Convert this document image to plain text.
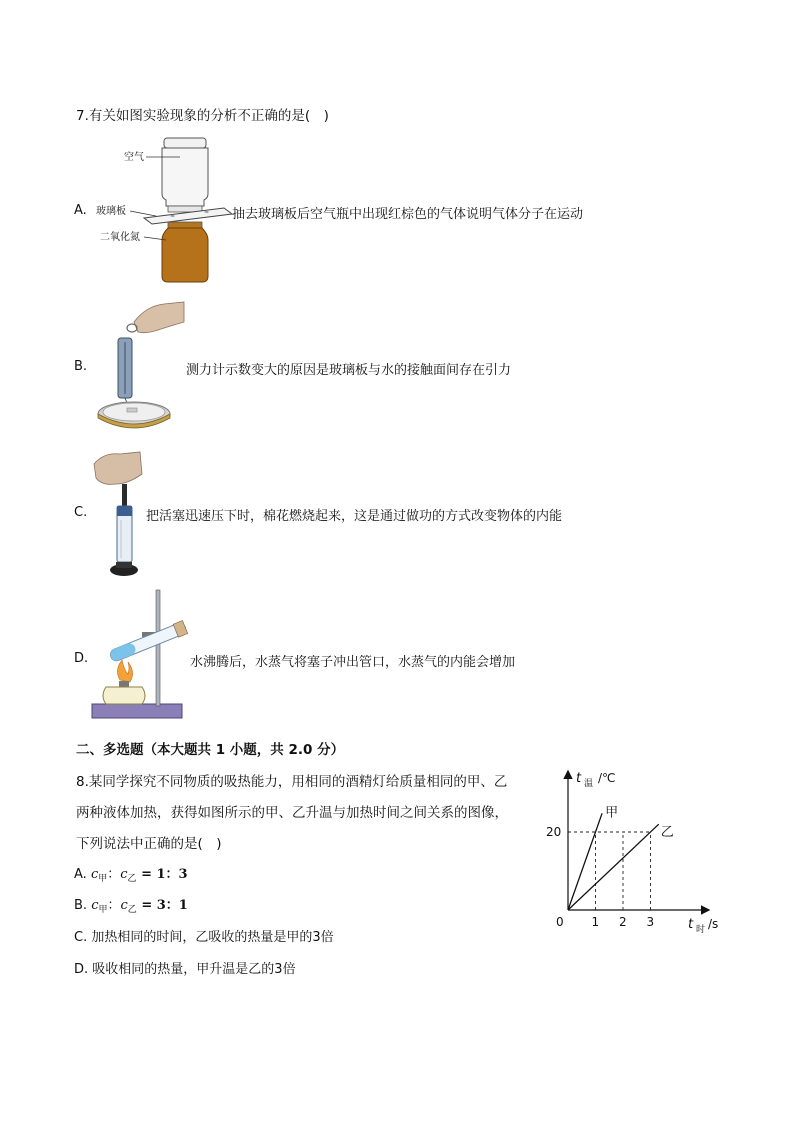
7.有关如图实验现象的分析不正确的是(　)
A.	≈
≈
空气
玻璃板
二氧化氮
抽去玻璃板后空气瓶中出现红棕色的气体说明气体分子在运动
B.	测力计示数变大的原因是玻璃板与水的接触面间存在引力
C.	把活塞迅速压下时，棉花燃烧起来，这是通过做功的方式改变物体的内能
D.	水沸腾后，水蒸气将塞子冲出管口，水蒸气的内能会增加
二、多选题（本大题共 1 小题，共 2.0 分）
8.某同学探究不同物质的吸热能力，用相同的酒精灯给质量相同的甲、乙
两种液体加热，获得如图所示的甲、乙升温与加热时间之间关系的图像，
下列说法中正确的是(　)
A. $c_甲$：$c_乙 = 1$：3
B. $c_甲$：$c_乙 = 3$：1
C. 加热相同的时间，乙吸收的热量是甲的3倍
D. 吸收相同的热量，甲升温是乙的3倍
甲
乙
1 2 3
20
0
t 温 /℃
t 时 /s
